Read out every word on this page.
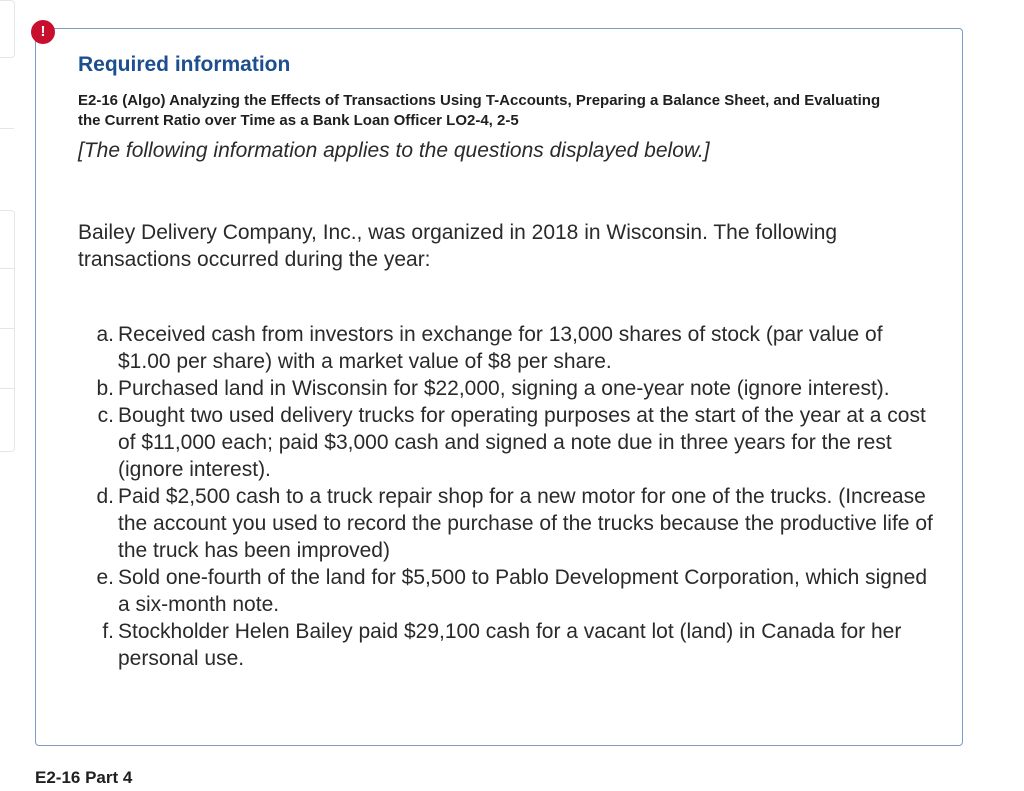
!
Required information

E2-16 (Algo) Analyzing the Effects of Transactions Using T-Accounts, Preparing a Balance Sheet, and Evaluating the Current Ratio over Time as a Bank Loan Officer LO2-4, 2-5

[The following information applies to the questions displayed below.]

Bailey Delivery Company, Inc., was organized in 2018 in Wisconsin. The following transactions occurred during the year:

a. Received cash from investors in exchange for 13,000 shares of stock (par value of $1.00 per share) with a market value of $8 per share.
b. Purchased land in Wisconsin for $22,000, signing a one-year note (ignore interest).
c. Bought two used delivery trucks for operating purposes at the start of the year at a cost of $11,000 each; paid $3,000 cash and signed a note due in three years for the rest (ignore interest).
d. Paid $2,500 cash to a truck repair shop for a new motor for one of the trucks. (Increase the account you used to record the purchase of the trucks because the productive life of the truck has been improved)
e. Sold one-fourth of the land for $5,500 to Pablo Development Corporation, which signed a six-month note.
f. Stockholder Helen Bailey paid $29,100 cash for a vacant lot (land) in Canada for her personal use.
E2-16 Part 4
